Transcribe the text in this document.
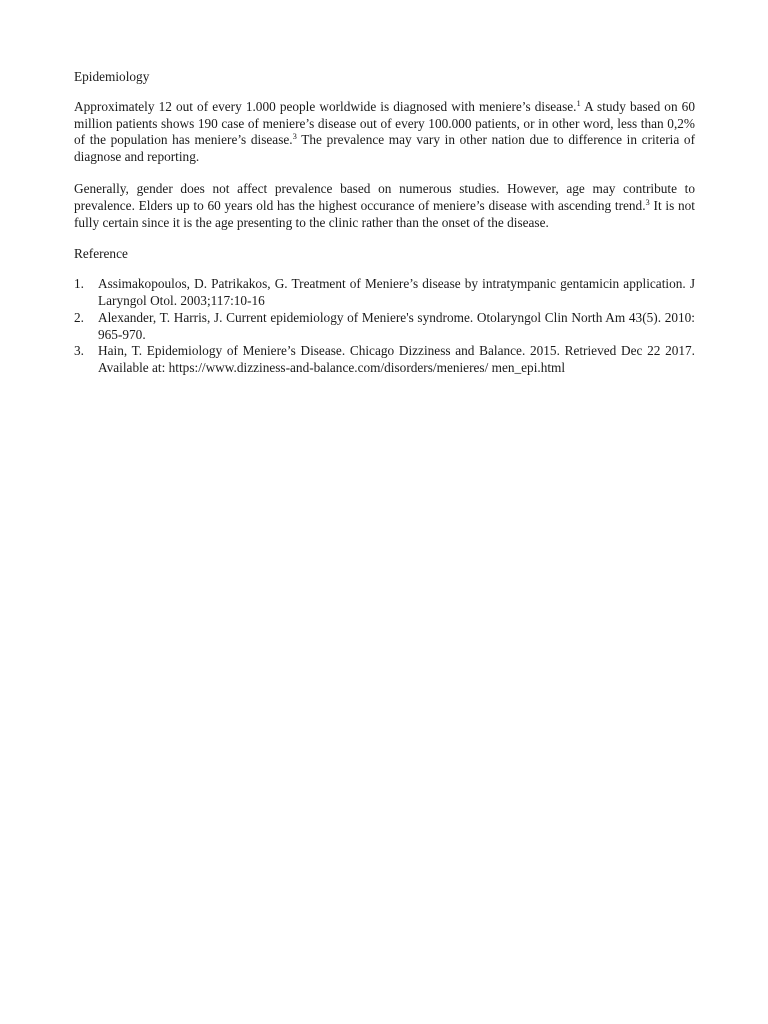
Epidemiology

Approximately 12 out of every 1.000 people worldwide is diagnosed with meniere’s disease.$^1$ A study based on 60 million patients shows 190 case of meniere’s disease out of every 100.000 patients, or in other word, less than 0,2% of the population has meniere’s disease.$^3$ The prevalence may vary in other nation due to difference in criteria of diagnose and reporting.

Generally, gender does not affect prevalence based on numerous studies. However, age may contribute to prevalence. Elders up to 60 years old has the highest occurance of meniere’s disease with ascending trend.$^3$ It is not fully certain since it is the age presenting to the clinic rather than the onset of the disease.

Reference

1. Assimakopoulos, D. Patrikakos, G. Treatment of Meniere’s disease by intratympanic gentamicin application. J Laryngol Otol. 2003;117:10-16
2. Alexander, T. Harris, J. Current epidemiology of Meniere's syndrome. Otolaryngol Clin North Am 43(5). 2010: 965-970.
3. Hain, T. Epidemiology of Meniere’s Disease. Chicago Dizziness and Balance. 2015. Retrieved Dec 22 2017. Available at: https://www.dizziness-and-balance.com/disorders/menieres/ men_epi.html
